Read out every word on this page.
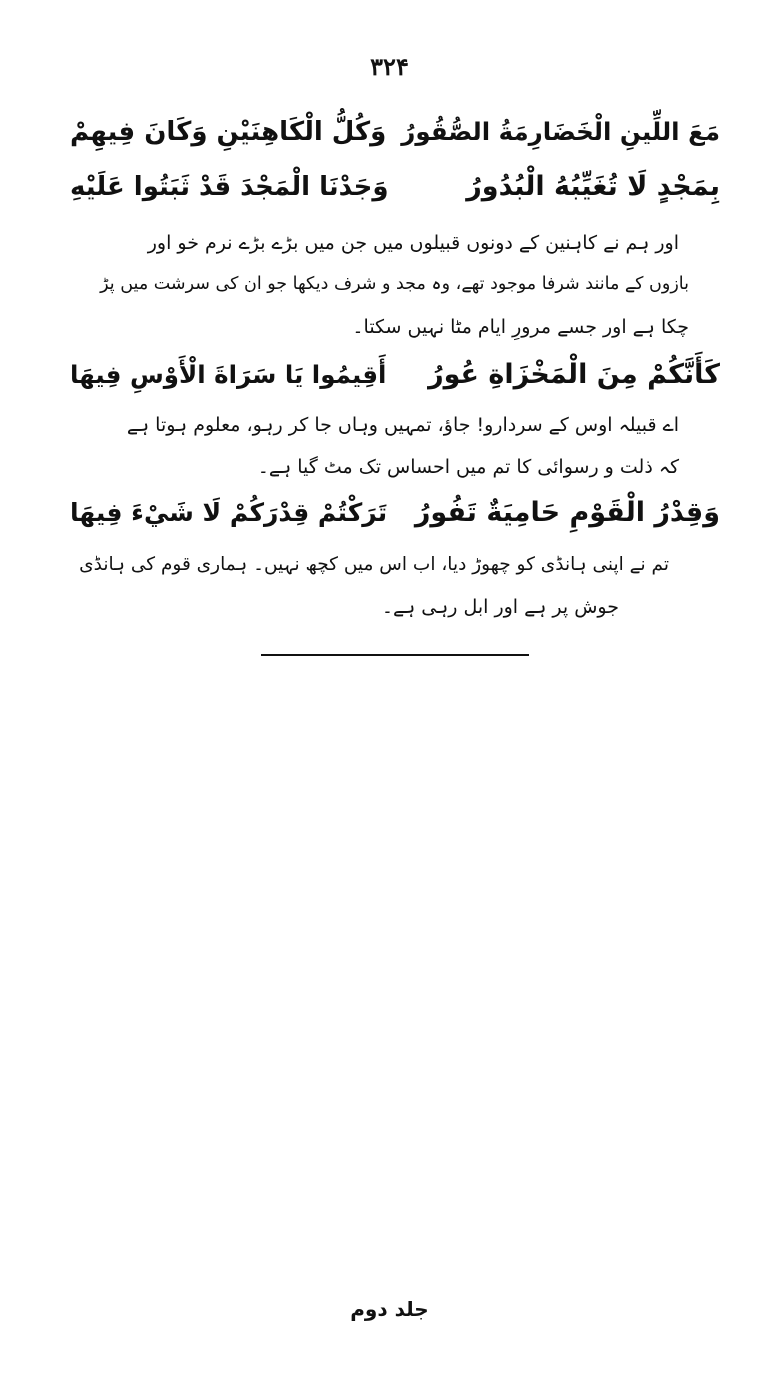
۳۲۴
وَكُلُّ الْكَاهِنَيْنِ وَكَانَ فِيهِمْ مَعَ اللِّينِ الْخَضَارِمَةُ الصُّقُورُ
وَجَدْنَا الْمَجْدَ قَدْ ثَبَتُوا عَلَيْهِ	بِمَجْدٍ لَا تُغَيِّبُهُ الْبُدُورُ
اور ہم نے کاہنین کے دونوں قبیلوں میں جن میں بڑے بڑے نرم خو اور
بازوں کے مانند شرفا موجود تھے، وہ مجد و شرف دیکھا جو ان کی سرشت میں پڑ
چکا ہے اور جسے مرورِ ایام مٹا نہیں سکتا۔
أَقِيمُوا يَا سَرَاةَ الْأَوْسِ فِيهَا كَأَنَّكُمْ مِنَ الْمَخْزَاةِ عُورُ
اے قبیلہ اوس کے سردارو! جاؤ، تمہیں وہاں جا کر رہو، معلوم ہوتا ہے
کہ ذلت و رسوائی کا تم میں احساس تک مٹ گیا ہے۔
تَرَكْتُمْ قِدْرَكُمْ لَا شَيْءَ فِيهَا وَقِدْرُ الْقَوْمِ حَامِيَةٌ تَفُورُ
تم نے اپنی ہانڈی کو چھوڑ دیا، اب اس میں کچھ نہیں۔ ہماری قوم کی ہانڈی
جوش پر ہے اور ابل رہی ہے۔
جلد دوم
